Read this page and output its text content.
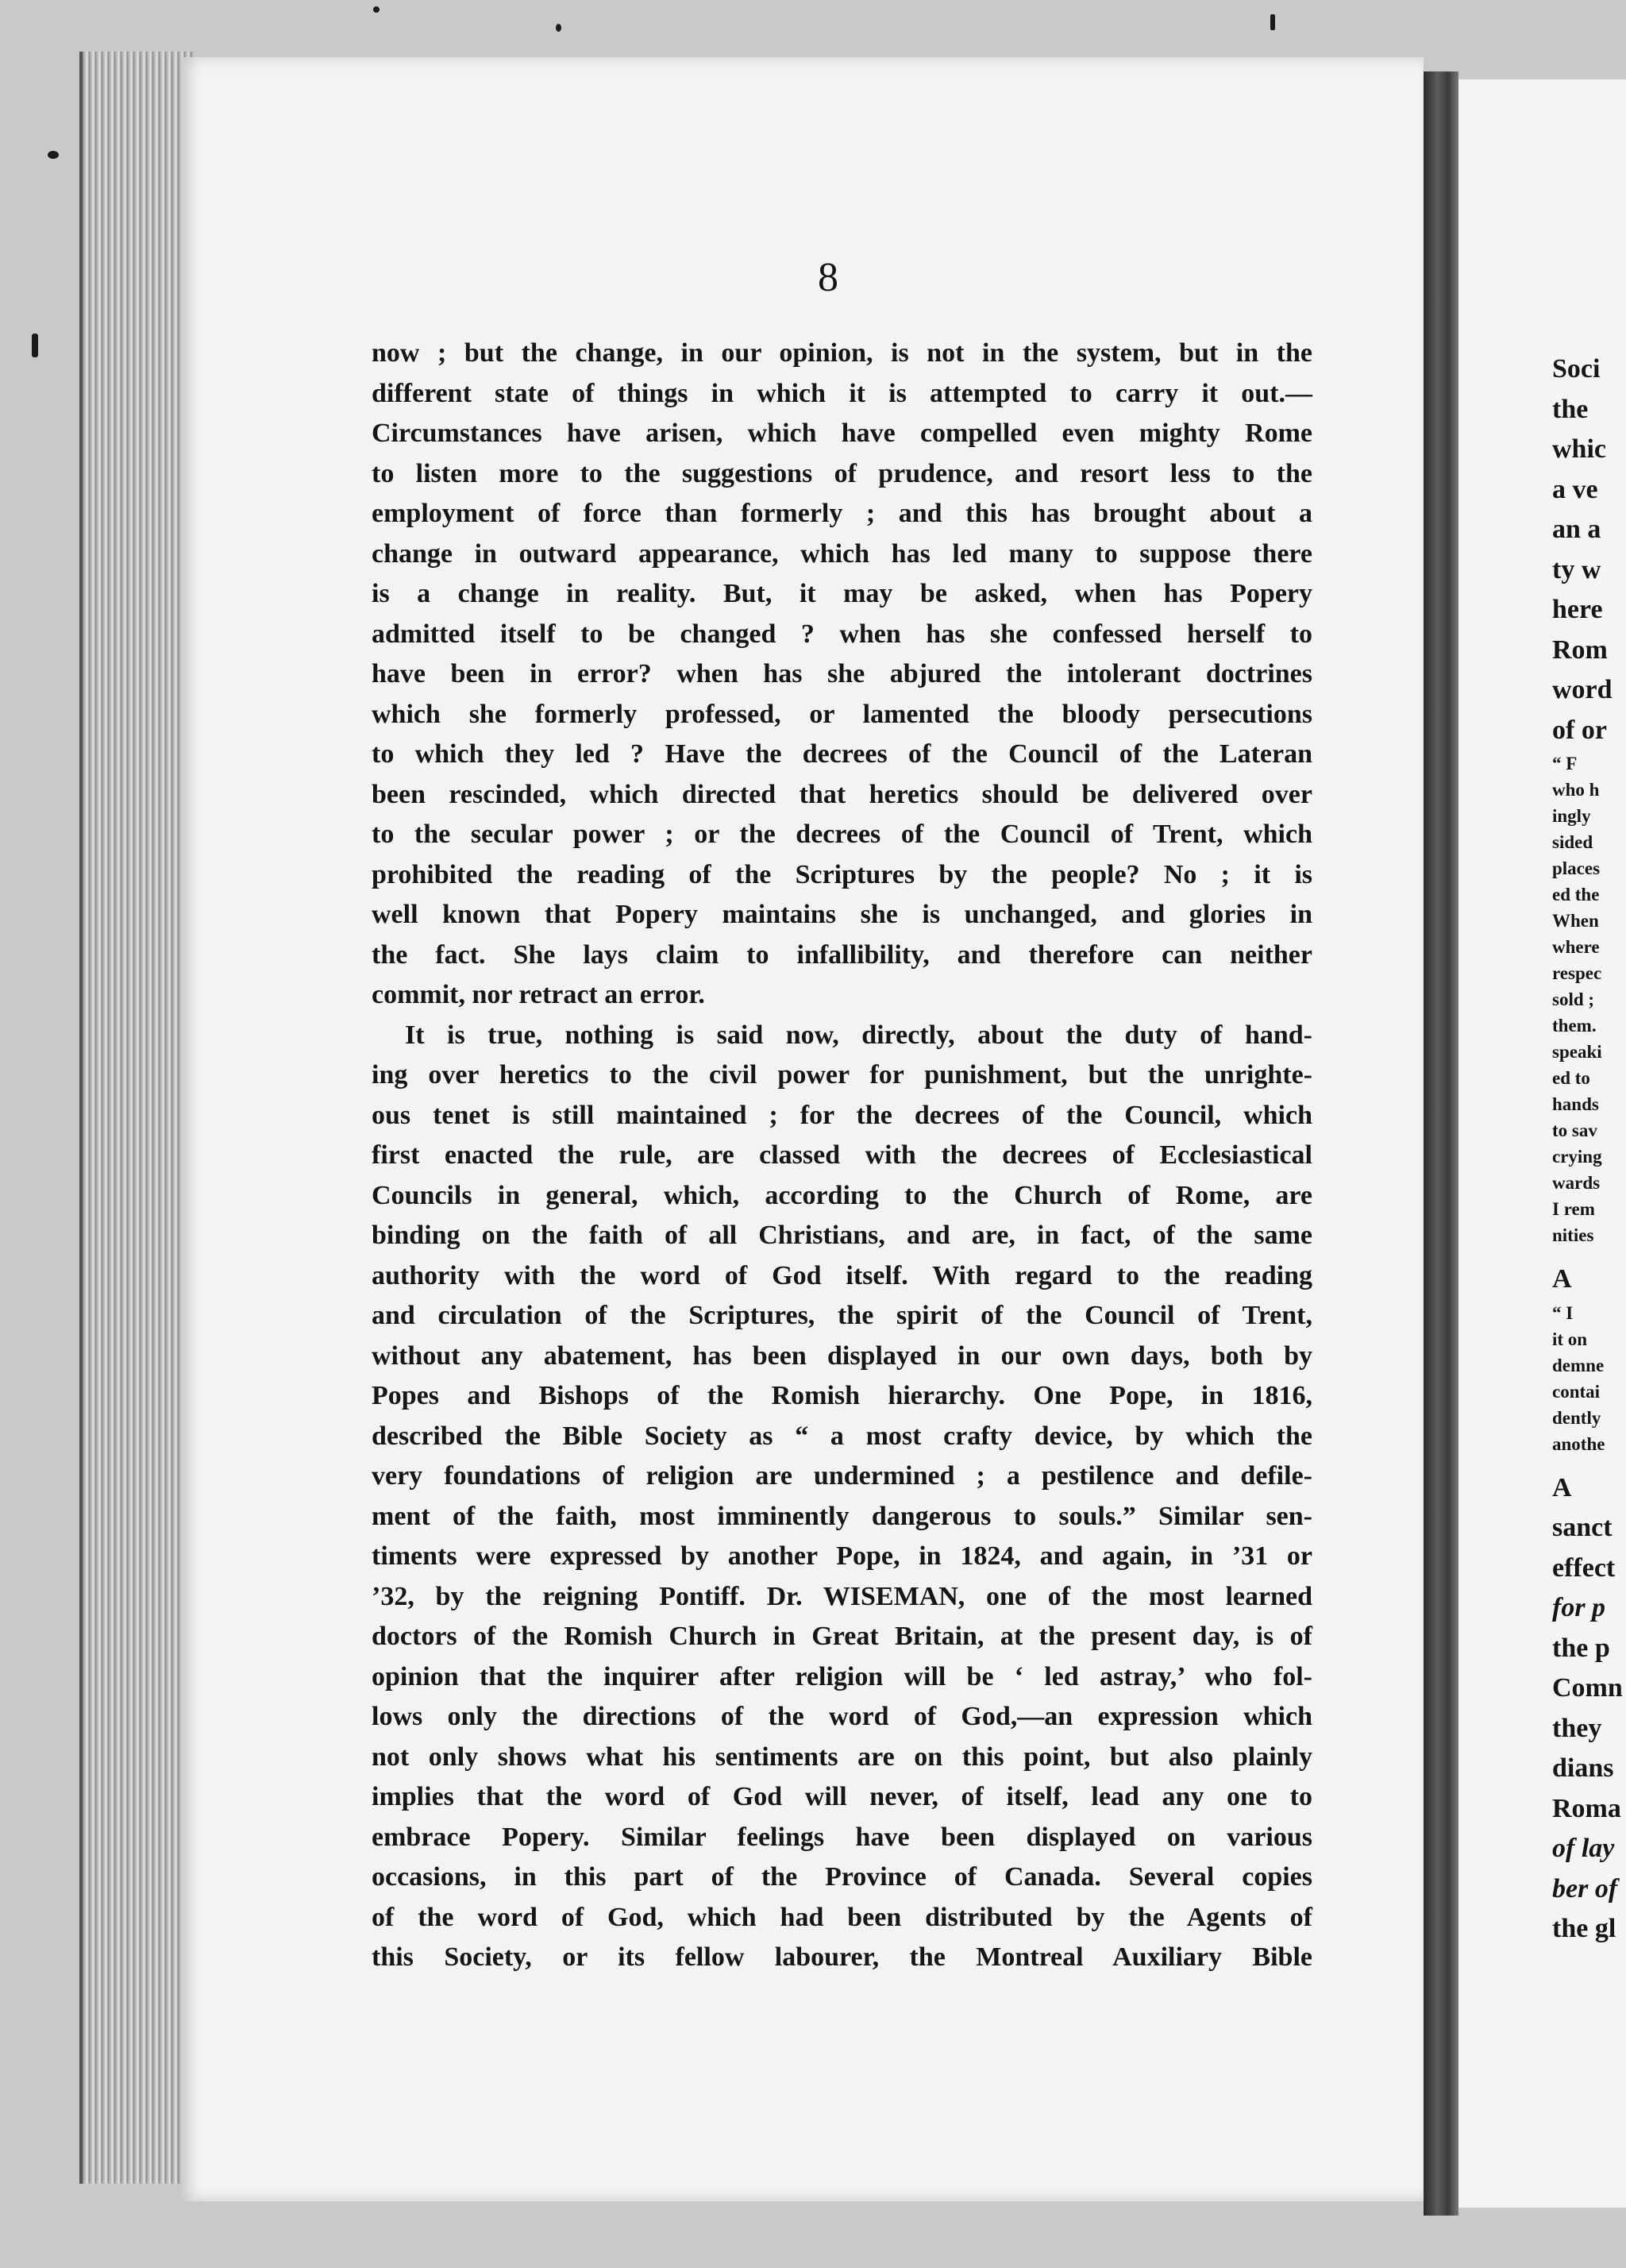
8
now ; but the change, in our opinion, is not in the system, but in the
different state of things in which it is attempted to carry it out.—
Circumstances have arisen, which have compelled even mighty Rome
to listen more to the suggestions of prudence, and resort less to the
employment of force than formerly ; and this has brought about a
change in outward appearance, which has led many to suppose there
is a change in reality. But, it may be asked, when has Popery
admitted itself to be changed ? when has she confessed herself to
have been in error? when has she abjured the intolerant doctrines
which she formerly professed, or lamented the bloody persecutions
to which they led ? Have the decrees of the Council of the Lateran
been rescinded, which directed that heretics should be delivered over
to the secular power ; or the decrees of the Council of Trent, which
prohibited the reading of the Scriptures by the people? No ; it is
well known that Popery maintains she is unchanged, and glories in
the fact. She lays claim to infallibility, and therefore can neither
commit, nor retract an error.
It is true, nothing is said now, directly, about the duty of hand-
ing over heretics to the civil power for punishment, but the unrighte-
ous tenet is still maintained ; for the decrees of the Council, which
first enacted the rule, are classed with the decrees of Ecclesiastical
Councils in general, which, according to the Church of Rome, are
binding on the faith of all Christians, and are, in fact, of the same
authority with the word of God itself. With regard to the reading
and circulation of the Scriptures, the spirit of the Council of Trent,
without any abatement, has been displayed in our own days, both by
Popes and Bishops of the Romish hierarchy. One Pope, in 1816,
described the Bible Society as “ a most crafty device, by which the
very foundations of religion are undermined ; a pestilence and defile-
ment of the faith, most imminently dangerous to souls.” Similar sen-
timents were expressed by another Pope, in 1824, and again, in ’31 or
’32, by the reigning Pontiff. Dr. WISEMAN, one of the most learned
doctors of the Romish Church in Great Britain, at the present day, is of
opinion that the inquirer after religion will be ‘ led astray,’ who fol-
lows only the directions of the word of God,—an expression which
not only shows what his sentiments are on this point, but also plainly
implies that the word of God will never, of itself, lead any one to
embrace Popery. Similar feelings have been displayed on various
occasions, in this part of the Province of Canada. Several copies
of the word of God, which had been distributed by the Agents of
this Society, or its fellow labourer, the Montreal Auxiliary Bible
Soci
the
whic
a ve
an a
ty w
here
Rom
word
of or
“ F
who h
ingly
sided
places
ed the
When
where
respec
sold ;
them.
speaki
ed to
hands
to sav
crying
wards
I rem
nities
A
“ I
it on
demne
contai
dently
anothe
A
sanct
effect
for p
the p
Comn
they
dians
Roma
of lay
ber of
the gl
